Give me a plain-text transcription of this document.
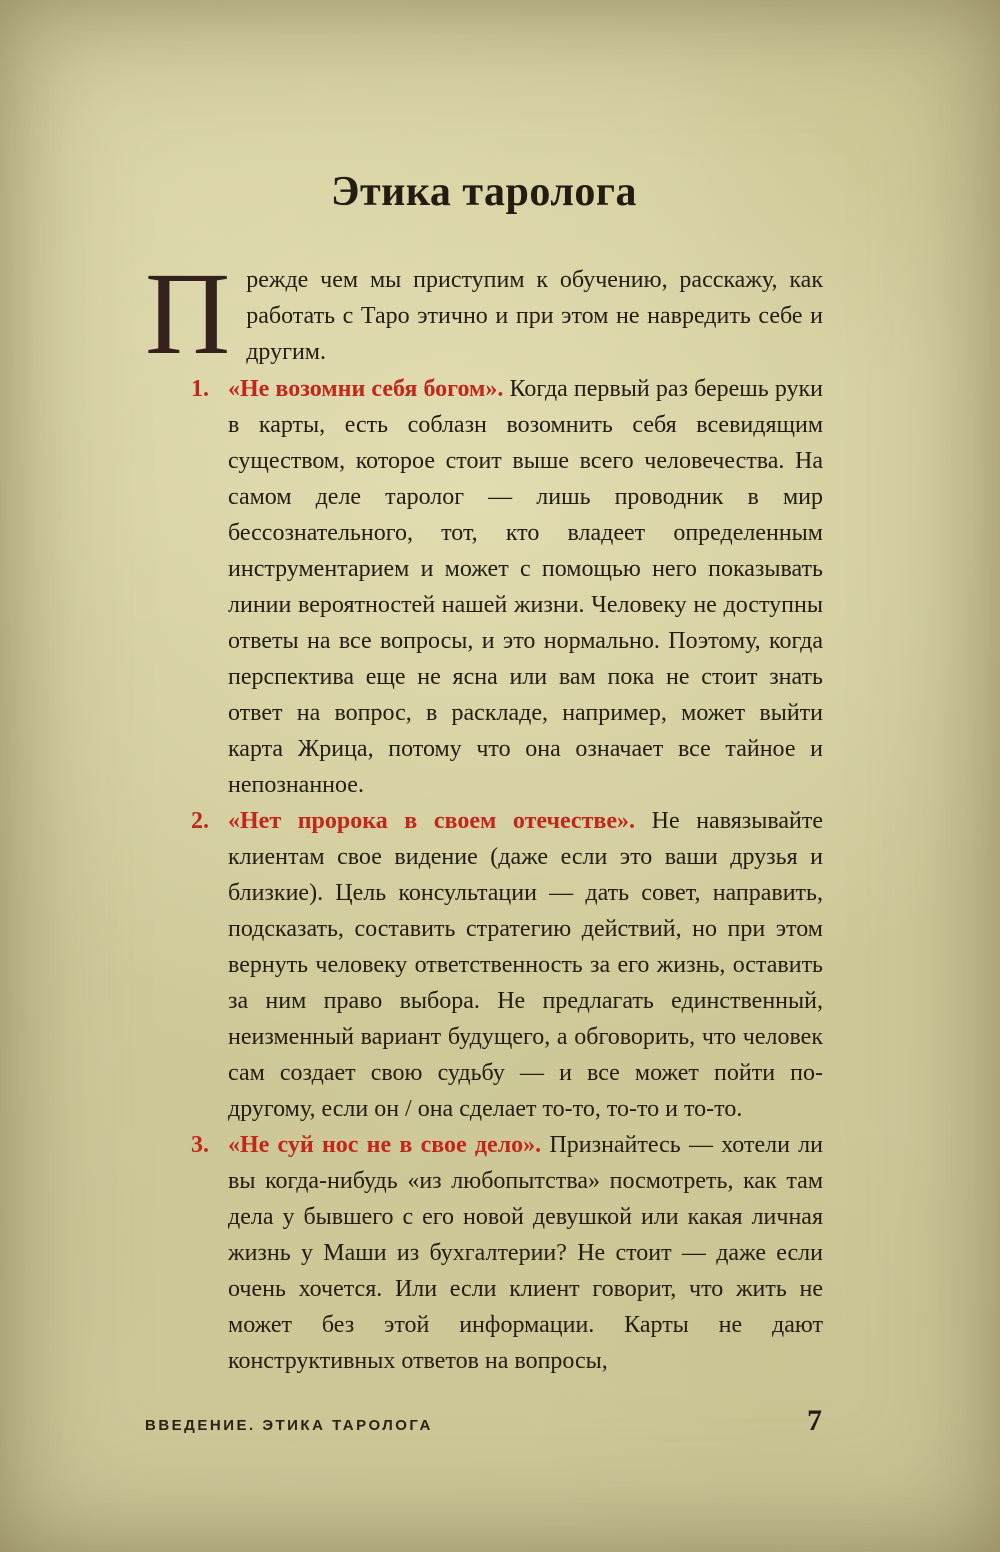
Этика таролога
П режде чем мы приступим к обучению, расскажу, как работать с Таро этично и при этом не навредить себе и другим.
1. «Не возомни себя богом». Когда первый раз берешь руки в карты, есть соблазн возомнить себя всевидящим существом, которое стоит выше всего человечества. На самом деле таролог — лишь проводник в мир бессознательного, тот, кто владеет определенным инструментарием и может с помощью него показывать линии вероятностей нашей жизни. Человеку не доступны ответы на все вопросы, и это нормально. Поэтому, когда перспектива еще не ясна или вам пока не стоит знать ответ на вопрос, в раскладе, например, может выйти карта Жрица, потому что она означает все тайное и непознанное.
2. «Нет пророка в своем отечестве». Не навязывайте клиентам свое видение (даже если это ваши друзья и близкие). Цель консультации — дать совет, направить, подсказать, составить стратегию действий, но при этом вернуть человеку ответственность за его жизнь, оставить за ним право выбора. Не предлагать единственный, неизменный вариант будущего, а обговорить, что человек сам создает свою судьбу — и все может пойти по-другому, если он / она сделает то-то, то-то и то-то.
3. «Не суй нос не в свое дело». Признайтесь — хотели ли вы когда-нибудь «из любопытства» посмотреть, как там дела у бывшего с его новой девушкой или какая личная жизнь у Маши из бухгалтерии? Не стоит — даже если очень хочется. Или если клиент говорит, что жить не может без этой информации. Карты не дают конструктивных ответов на вопросы,
ВВЕДЕНИЕ. ЭТИКА ТАРОЛОГА	7
